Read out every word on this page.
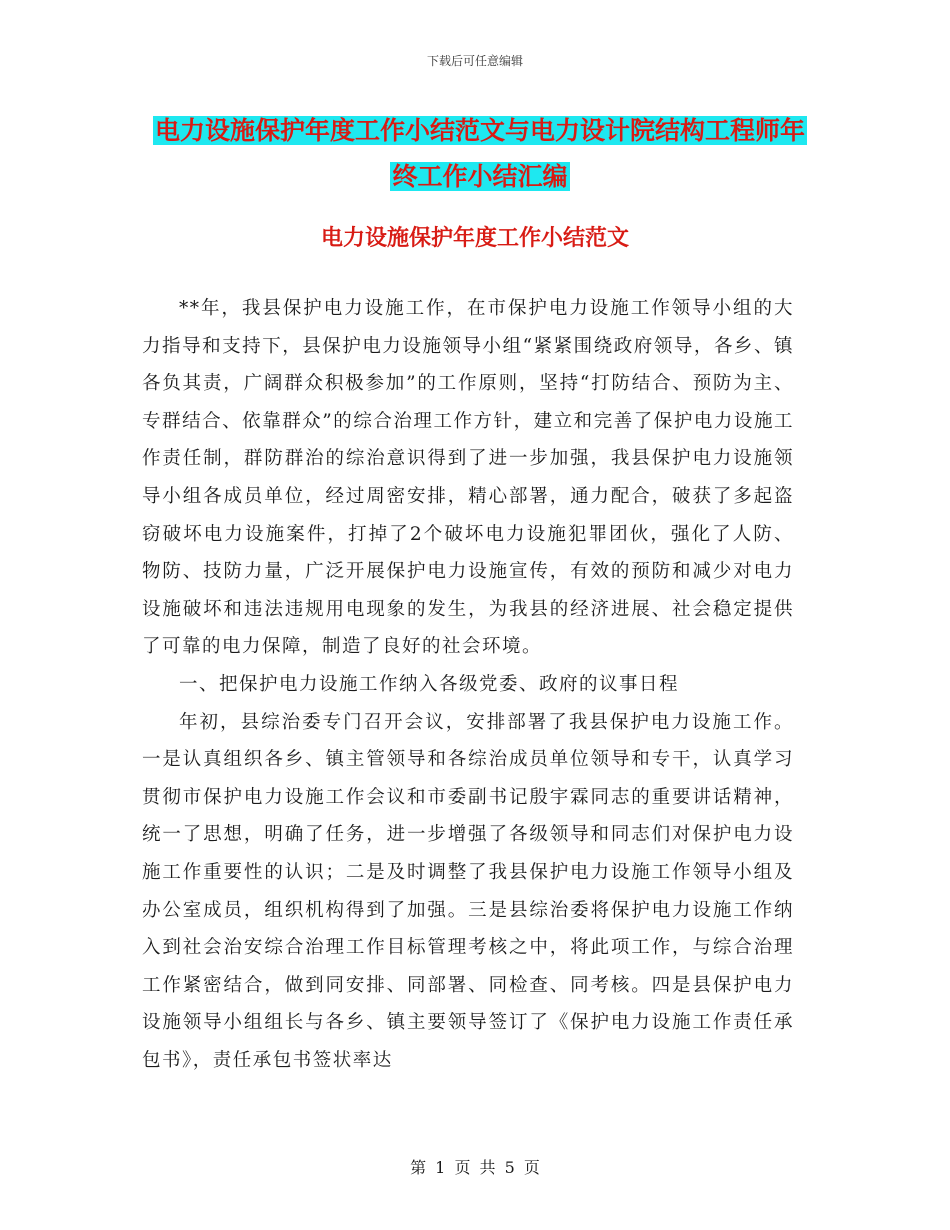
下载后可任意编辑
电力设施保护年度工作小结范文与电力设计院结构工程师年终工作小结汇编
电力设施保护年度工作小结范文

**年，我县保护电力设施工作，在市保护电力设施工作领导小组的大力指导和支持下，县保护电力设施领导小组“紧紧围绕政府领导，各乡、镇各负其责，广阔群众积极参加”的工作原则，坚持“打防结合、预防为主、专群结合、依靠群众”的综合治理工作方针，建立和完善了保护电力设施工作责任制，群防群治的综治意识得到了进一步加强，我县保护电力设施领导小组各成员单位，经过周密安排，精心部署，通力配合，破获了多起盗窃破坏电力设施案件，打掉了2个破坏电力设施犯罪团伙，强化了人防、物防、技防力量，广泛开展保护电力设施宣传，有效的预防和减少对电力设施破坏和违法违规用电现象的发生，为我县的经济进展、社会稳定提供了可靠的电力保障，制造了良好的社会环境。

一、把保护电力设施工作纳入各级党委、政府的议事日程

年初，县综治委专门召开会议，安排部署了我县保护电力设施工作。一是认真组织各乡、镇主管领导和各综治成员单位领导和专干，认真学习贯彻市保护电力设施工作会议和市委副书记殷宇霖同志的重要讲话精神，统一了思想，明确了任务，进一步增强了各级领导和同志们对保护电力设施工作重要性的认识；二是及时调整了我县保护电力设施工作领导小组及办公室成员，组织机构得到了加强。三是县综治委将保护电力设施工作纳入到社会治安综合治理工作目标管理考核之中，将此项工作，与综合治理工作紧密结合，做到同安排、同部署、同检查、同考核。四是县保护电力设施领导小组组长与各乡、镇主要领导签订了《保护电力设施工作责任承包书》，责任承包书签状率达

第 1 页 共 5 页
